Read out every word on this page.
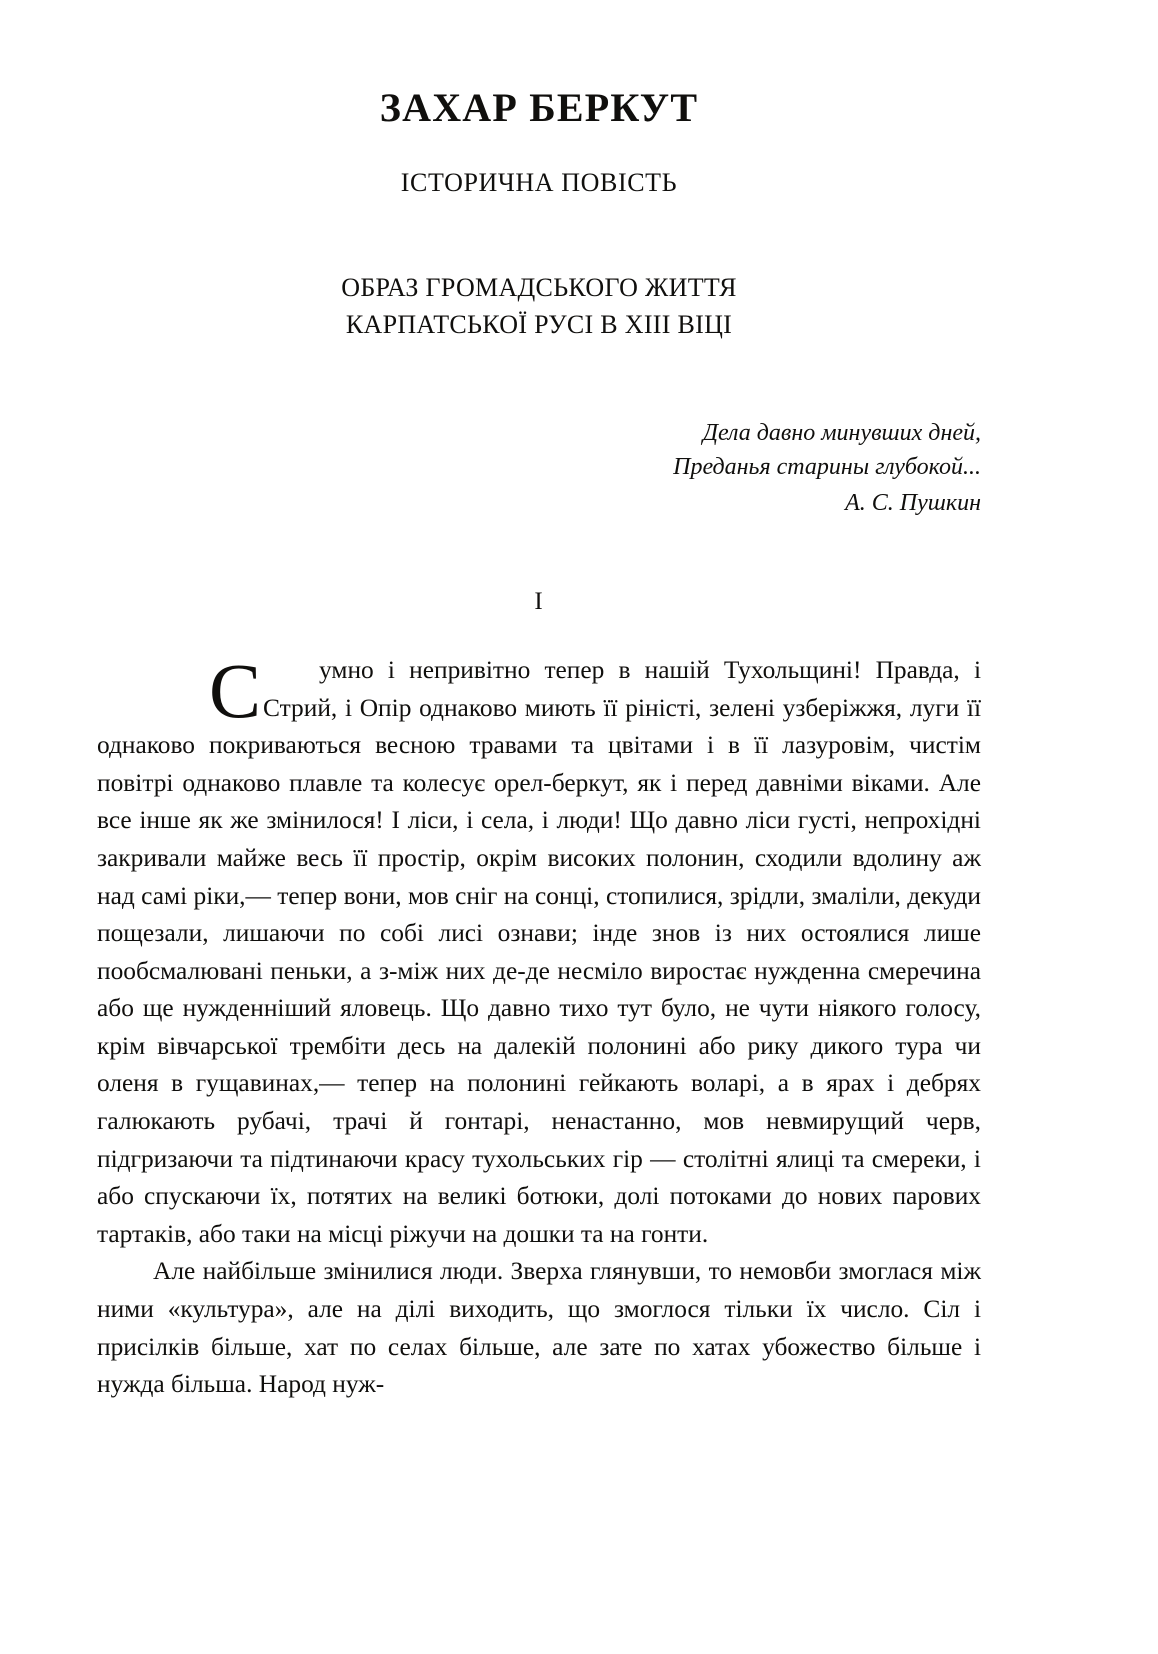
ЗАХАР БЕРКУТ
ІСТОРИЧНА ПОВІСТЬ
ОБРАЗ ГРОМАДСЬКОГО ЖИТТЯ
КАРПАТСЬКОЇ РУСІ В XIII ВІЦІ
Дела давно минувших дней,
Преданья старины глубокой...
А. С. Пушкин
I

С умно і непривітно тепер в нашій Тухольщині! Правда, і Стрий, і Опір однаково миють її ріністі, зелені узберіжжя, луги її однаково покриваються весною травами та цвітами і в її лазуровім, чистім повітрі однаково плавле та колесує орел-беркут, як і перед давніми віками. Але все інше як же змінилося! І ліси, і села, і люди! Що давно ліси густі, непрохідні закривали майже весь її простір, окрім високих полонин, сходили вдолину аж над самі ріки,— тепер вони, мов сніг на сонці, стопилися, зрідли, змаліли, декуди пощезали, лишаючи по собі лисі ознави; інде знов із них остоялися лише пообсмалювані пеньки, а з-між них де-де несміло виростає нужденна смеречина або ще нужденніший яловець. Що давно тихо тут було, не чути ніякого голосу, крім вівчарської трембіти десь на далекій полонині або рику дикого тура чи оленя в гущавинах,— тепер на полонині гейкають воларі, а в ярах і дебрях галюкають рубачі, трачі й гонтарі, ненастанно, мов невмирущий черв, підгризаючи та підтинаючи красу тухольських гір — столітні ялиці та смереки, і або спускаючи їх, потятих на великі ботюки, долі потоками до нових парових тартаків, або таки на місці ріжучи на дошки та на гонти.

Але найбільше змінилися люди. Зверха глянувши, то немовби змоглася між ними «культура», але на ділі виходить, що змоглося тільки їх число. Сіл і присілків більше, хат по селах більше, але зате по хатах убожество більше і нужда більша. Народ нуж-
